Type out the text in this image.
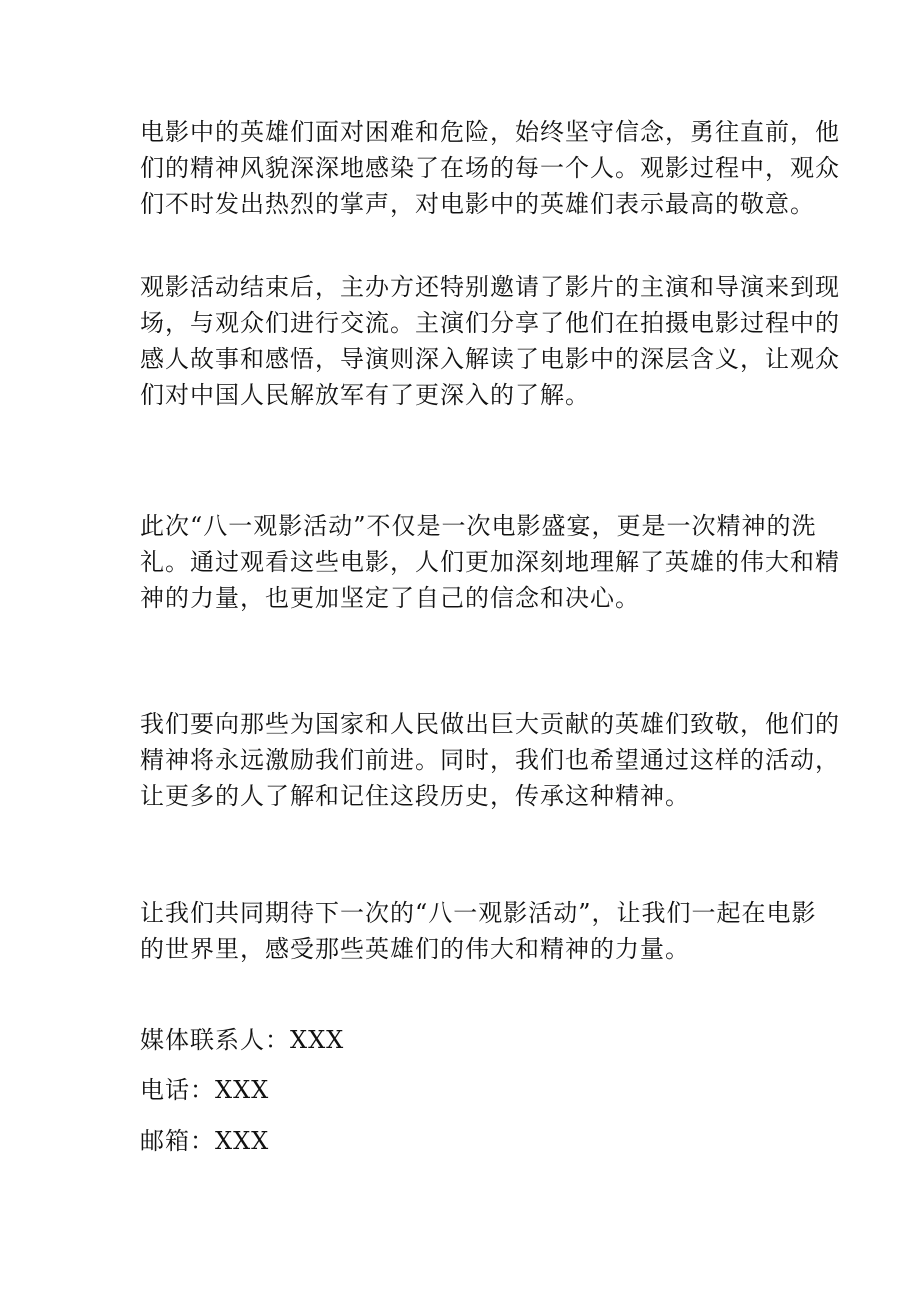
电影中的英雄们面对困难和危险，始终坚守信念，勇往直前，他
们的精神风貌深深地感染了在场的每一个人。观影过程中，观众
们不时发出热烈的掌声，对电影中的英雄们表示最高的敬意。

观影活动结束后，主办方还特别邀请了影片的主演和导演来到现
场，与观众们进行交流。主演们分享了他们在拍摄电影过程中的
感人故事和感悟，导演则深入解读了电影中的深层含义，让观众
们对中国人民解放军有了更深入的了解。

此次“八一观影活动”不仅是一次电影盛宴，更是一次精神的洗
礼。通过观看这些电影，人们更加深刻地理解了英雄的伟大和精
神的力量，也更加坚定了自己的信念和决心。

我们要向那些为国家和人民做出巨大贡献的英雄们致敬，他们的
精神将永远激励我们前进。同时，我们也希望通过这样的活动，
让更多的人了解和记住这段历史，传承这种精神。

让我们共同期待下一次的“八一观影活动”，让我们一起在电影
的世界里，感受那些英雄们的伟大和精神的力量。

媒体联系人：XXX
电话：XXX
邮箱：XXX
